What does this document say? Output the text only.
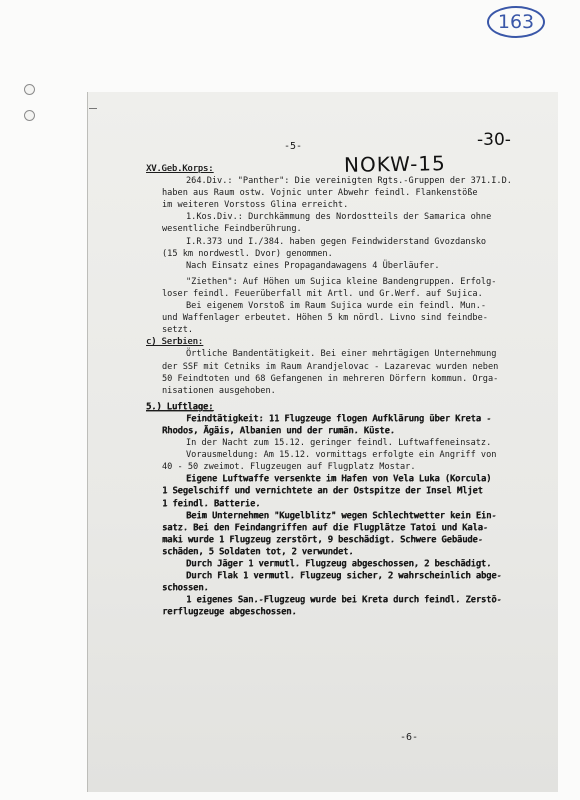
163
-5-	-30-
NOKW-15
XV.Geb.Korps:
264.Div.: "Panther": Die vereinigten Rgts.-Gruppen der 371.I.D.
haben aus Raum ostw. Vojnic unter Abwehr feindl. Flankenstöße
im weiteren Vorstoss Glina erreicht.
1.Kos.Div.: Durchkämmung des Nordostteils der Samarica ohne
wesentliche Feindberührung.
I.R.373 und I./384. haben gegen Feindwiderstand Gvozdansko
(15 km nordwestl. Dvor) genommen.
Nach Einsatz eines Propagandawagens 4 Überläufer.
"Ziethen": Auf Höhen um Sujica kleine Bandengruppen. Erfolg-
loser feindl. Feuerüberfall mit Artl. und Gr.Werf. auf Sujica.
Bei eigenem Vorstoß im Raum Sujica wurde ein feindl. Mun.-
und Waffenlager erbeutet. Höhen 5 km nördl. Livno sind feindbe-
setzt.
c) Serbien:
Örtliche Bandentätigkeit. Bei einer mehrtägigen Unternehmung
der SSF mit Cetniks im Raum Arandjelovac - Lazarevac wurden neben
50 Feindtoten und 68 Gefangenen in mehreren Dörfern kommun. Orga-
nisationen ausgehoben.
5.) Luftlage:
Feindtätigkeit: 11 Flugzeuge flogen Aufklärung über Kreta -
Rhodos, Ägäis, Albanien und der rumän. Küste.
In der Nacht zum 15.12. geringer feindl. Luftwaffeneinsatz.
Vorausmeldung: Am 15.12. vormittags erfolgte ein Angriff von
40 - 50 zweimot. Flugzeugen auf Flugplatz Mostar.
Eigene Luftwaffe versenkte im Hafen von Vela Luka (Korcula)
1 Segelschiff und vernichtete an der Ostspitze der Insel Mljet
1 feindl. Batterie.
Beim Unternehmen "Kugelblitz" wegen Schlechtwetter kein Ein-
satz. Bei den Feindangriffen auf die Flugplätze Tatoi und Kala-
maki wurde 1 Flugzeug zerstört, 9 beschädigt. Schwere Gebäude-
schäden, 5 Soldaten tot, 2 verwundet.
Durch Jäger 1 vermutl. Flugzeug abgeschossen, 2 beschädigt.
Durch Flak 1 vermutl. Flugzeug sicher, 2 wahrscheinlich abge-
schossen.
1 eigenes San.-Flugzeug wurde bei Kreta durch feindl. Zerstö-
rerflugzeuge abgeschossen.
-6-
